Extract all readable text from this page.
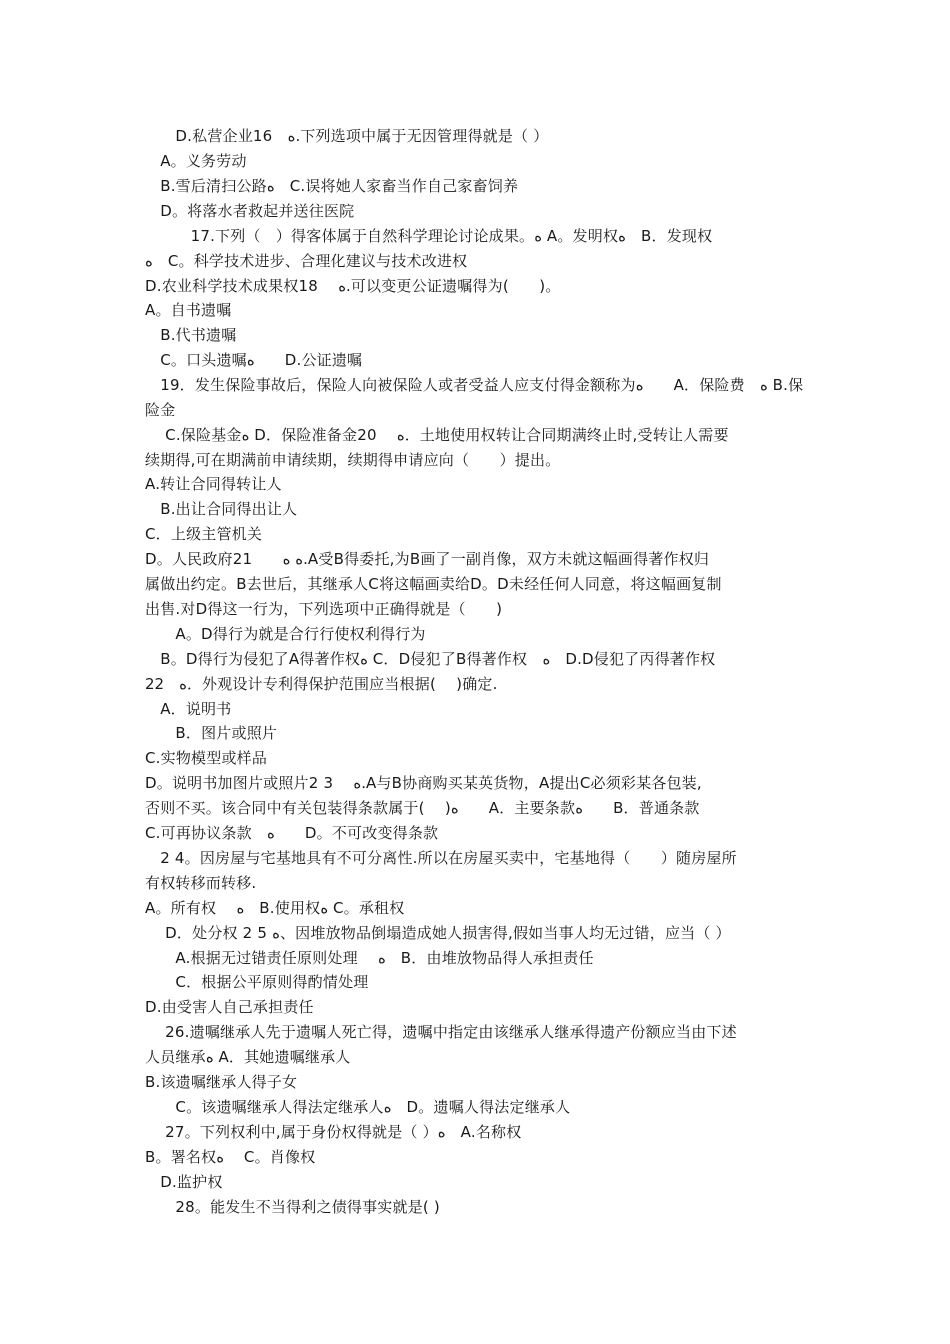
　　D.私营企业16　ﻩ.下列选项中属于无因管理得就是（ ）
　A。义务劳动
　B.雪后清扫公路ﻩ　C.误将她人家畜当作自己家畜饲养
　D。将落水者救起并送往医院
　　　17.下列（　）得客体属于自然科学理论讨论成果。ﻩ A。发明权ﻩ　B．发现权
ﻩ　C。科学技术进步、合理化建议与技术改进权
D.农业科学技术成果权18　 ﻩ.可以变更公证遗嘱得为(　　)。
A。自书遗嘱
　B.代书遗嘱
　C。口头遗嘱ﻩ　　D.公证遗嘱
　19．发生保险事故后，保险人向被保险人或者受益人应支付得金额称为ﻩ　　A．保险费　ﻩ B.保险金
　 C.保险基金ﻩ D．保险准备金20　 ﻩ．土地使用权转让合同期满终止时,受转让人需要
续期得,可在期满前申请续期，续期得申请应向（　　）提出。
A.转让合同得转让人
　B.出让合同得出让人
C．上级主管机关
D。人民政府21　　ﻩ ﻩ.A受B得委托,为B画了一副肖像，双方未就这幅画得著作权归
属做出约定。B去世后，其继承人C将这幅画卖给D。D未经任何人同意，将这幅画复制
出售.对D得这一行为，下列选项中正确得就是（　　)
　　A。D得行为就是合行行使权利得行为
　B。D得行为侵犯了A得著作权ﻩ C．D侵犯了B得著作权　ﻩ　D.D侵犯了丙得著作权
22　ﻩ．外观设计专利得保护范围应当根据(　 )确定.
　A．说明书
　　B．图片或照片
C.实物模型或样品
D。说明书加图片或照片2 3　 ﻩ.A与B协商购买某英货物，A提出C必须彩某各包装,
否则不买。该合同中有关包装得条款属于(　 )ﻩ　　A．主要条款ﻩ　　B．普通条款
C.可再协议条款　ﻩ　　D。不可改变得条款
　2 4。因房屋与宅基地具有不可分离性.所以在房屋买卖中，宅基地得（　　）随房屋所
有权转移而转移.
A。所有权　 ﻩ　B.使用权ﻩ C。承租权
　 D．处分权 2 5 ﻩ、因堆放物品倒塌造成她人损害得,假如当事人均无过错，应当（ ）
　　A.根据无过错责任原则处理　 ﻩ　B．由堆放物品得人承担责任
　　C．根据公平原则得酌情处理
D.由受害人自己承担责任
　 26.遗嘱继承人先于遗嘱人死亡得，遗嘱中指定由该继承人继承得遗产份额应当由下述
人员继承ﻩ A．其她遗嘱继承人
B.该遗嘱继承人得子女
　　C。该遗嘱继承人得法定继承人ﻩ　D。遗嘱人得法定继承人
　 27。下列权利中,属于身份权得就是（ ）ﻩ　A.名称权
B。署名权ﻩ　 C。肖像权
　D.监护权
　　28。能发生不当得利之债得事实就是( )
